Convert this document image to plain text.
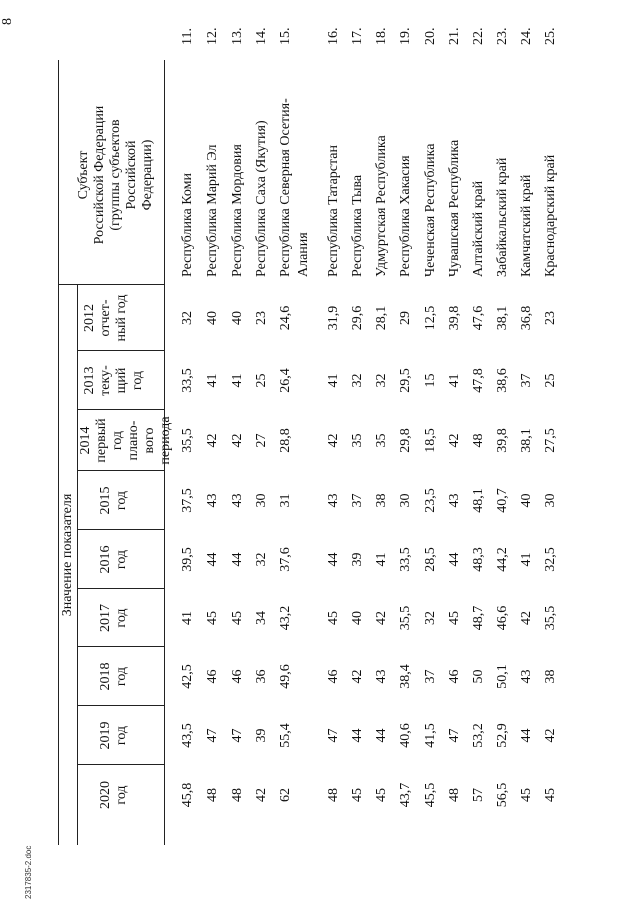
8
2317835-2.doc
Субъект
Российской Федерации
(группы субъектов Российской
Федерации)
Значение показателя
2012
отчет-
ный год
2013
теку-
щий
год
2014
первый
год
плано-
вого
периода
2015
год
2016
год
2017
год
2018
год
2019
год
2020
год
11.
Республика Коми
32
33,5
35,5
37,5
39,5
41
42,5
43,5
45,8
12.
Республика Марий Эл
40
41
42
43
44
45
46
47
48
13.
Республика Мордовия
40
41
42
43
44
45
46
47
48
14.
Республика Саха (Якутия)
23
25
27
30
32
34
36
39
42
15.
Республика Северная Осетия- Алания
24,6
26,4
28,8
31
37,6
43,2
49,6
55,4
62
16.
Республика Татарстан
31,9
41
42
43
44
45
46
47
48
17.
Республика Тыва
29,6
32
35
37
39
40
42
44
45
18.
Удмуртская Республика
28,1
32
35
38
41
42
43
44
45
19.
Республика Хакасия
29
29,5
29,8
30
33,5
35,5
38,4
40,6
43,7
20.
Чеченская Республика
12,5
15
18,5
23,5
28,5
32
37
41,5
45,5
21.
Чувашская Республика
39,8
41
42
43
44
45
46
47
48
22.
Алтайский край
47,6
47,8
48
48,1
48,3
48,7
50
53,2
57
23.
Забайкальский край
38,1
38,6
39,8
40,7
44,2
46,6
50,1
52,9
56,5
24.
Камчатский край
36,8
37
38,1
40
41
42
43
44
45
25.
Краснодарский край
23
25
27,5
30
32,5
35,5
38
42
45
